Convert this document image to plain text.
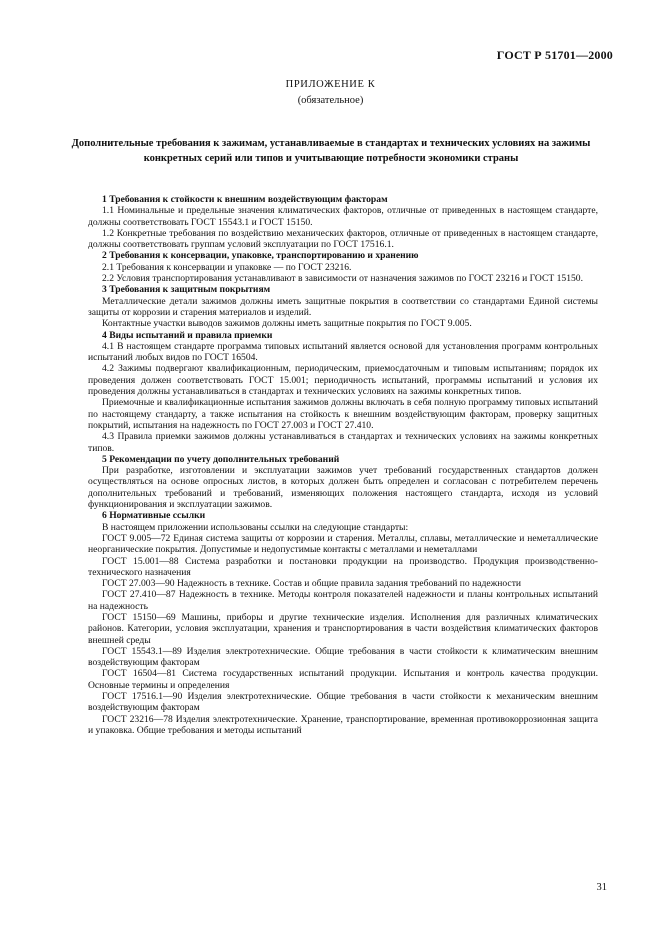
ГОСТ Р 51701—2000
ПРИЛОЖЕНИЕ К
(обязательное)
Дополнительные требования к зажимам, устанавливаемые в стандартах и технических условиях на зажимы конкретных серий или типов и учитывающие потребности экономики страны

1 Требования к стойкости к внешним воздействующим факторам

1.1 Номинальные и предельные значения климатических факторов, отличные от приведенных в настоящем стандарте, должны соответствовать ГОСТ 15543.1 и ГОСТ 15150.

1.2 Конкретные требования по воздействию механических факторов, отличные от приведенных в настоящем стандарте, должны соответствовать группам условий эксплуатации по ГОСТ 17516.1.

2 Требования к консервации, упаковке, транспортированию и хранению

2.1 Требования к консервации и упаковке — по ГОСТ 23216.

2.2 Условия транспортирования устанавливают в зависимости от назначения зажимов по ГОСТ 23216 и ГОСТ 15150.

3 Требования к защитным покрытиям

Металлические детали зажимов должны иметь защитные покрытия в соответствии со стандартами Единой системы защиты от коррозии и старения материалов и изделий.

Контактные участки выводов зажимов должны иметь защитные покрытия по ГОСТ 9.005.

4 Виды испытаний и правила приемки

4.1 В настоящем стандарте программа типовых испытаний является основой для установления программ контрольных испытаний любых видов по ГОСТ 16504.

4.2 Зажимы подвергают квалификационным, периодическим, приемосдаточным и типовым испытаниям; порядок их проведения должен соответствовать ГОСТ 15.001; периодичность испытаний, программы испытаний и условия их проведения должны устанавливаться в стандартах и технических условиях на зажимы конкретных типов.

Приемочные и квалификационные испытания зажимов должны включать в себя полную программу типовых испытаний по настоящему стандарту, а также испытания на стойкость к внешним воздействующим факторам, проверку защитных покрытий, испытания на надежность по ГОСТ 27.003 и ГОСТ 27.410.

4.3 Правила приемки зажимов должны устанавливаться в стандартах и технических условиях на зажимы конкретных типов.

5 Рекомендации по учету дополнительных требований

При разработке, изготовлении и эксплуатации зажимов учет требований государственных стандартов должен осуществляться на основе опросных листов, в которых должен быть определен и согласован с потребителем перечень дополнительных требований и требований, изменяющих положения настоящего стандарта, исходя из условий функционирования и эксплуатации зажимов.

6 Нормативные ссылки

В настоящем приложении использованы ссылки на следующие стандарты:

ГОСТ 9.005—72 Единая система защиты от коррозии и старения. Металлы, сплавы, металлические и неметаллические неорганические покрытия. Допустимые и недопустимые контакты с металлами и неметаллами

ГОСТ 15.001—88 Система разработки и постановки продукции на производство. Продукция производственно-технического назначения

ГОСТ 27.003—90 Надежность в технике. Состав и общие правила задания требований по надежности

ГОСТ 27.410—87 Надежность в технике. Методы контроля показателей надежности и планы контрольных испытаний на надежность

ГОСТ 15150—69 Машины, приборы и другие технические изделия. Исполнения для различных климатических районов. Категории, условия эксплуатации, хранения и транспортирования в части воздействия климатических факторов внешней среды

ГОСТ 15543.1—89 Изделия электротехнические. Общие требования в части стойкости к климатическим внешним воздействующим факторам

ГОСТ 16504—81 Система государственных испытаний продукции. Испытания и контроль качества продукции. Основные термины и определения

ГОСТ 17516.1—90 Изделия электротехнические. Общие требования в части стойкости к механическим внешним воздействующим факторам

ГОСТ 23216—78 Изделия электротехнические. Хранение, транспортирование, временная противокоррозионная защита и упаковка. Общие требования и методы испытаний

31
